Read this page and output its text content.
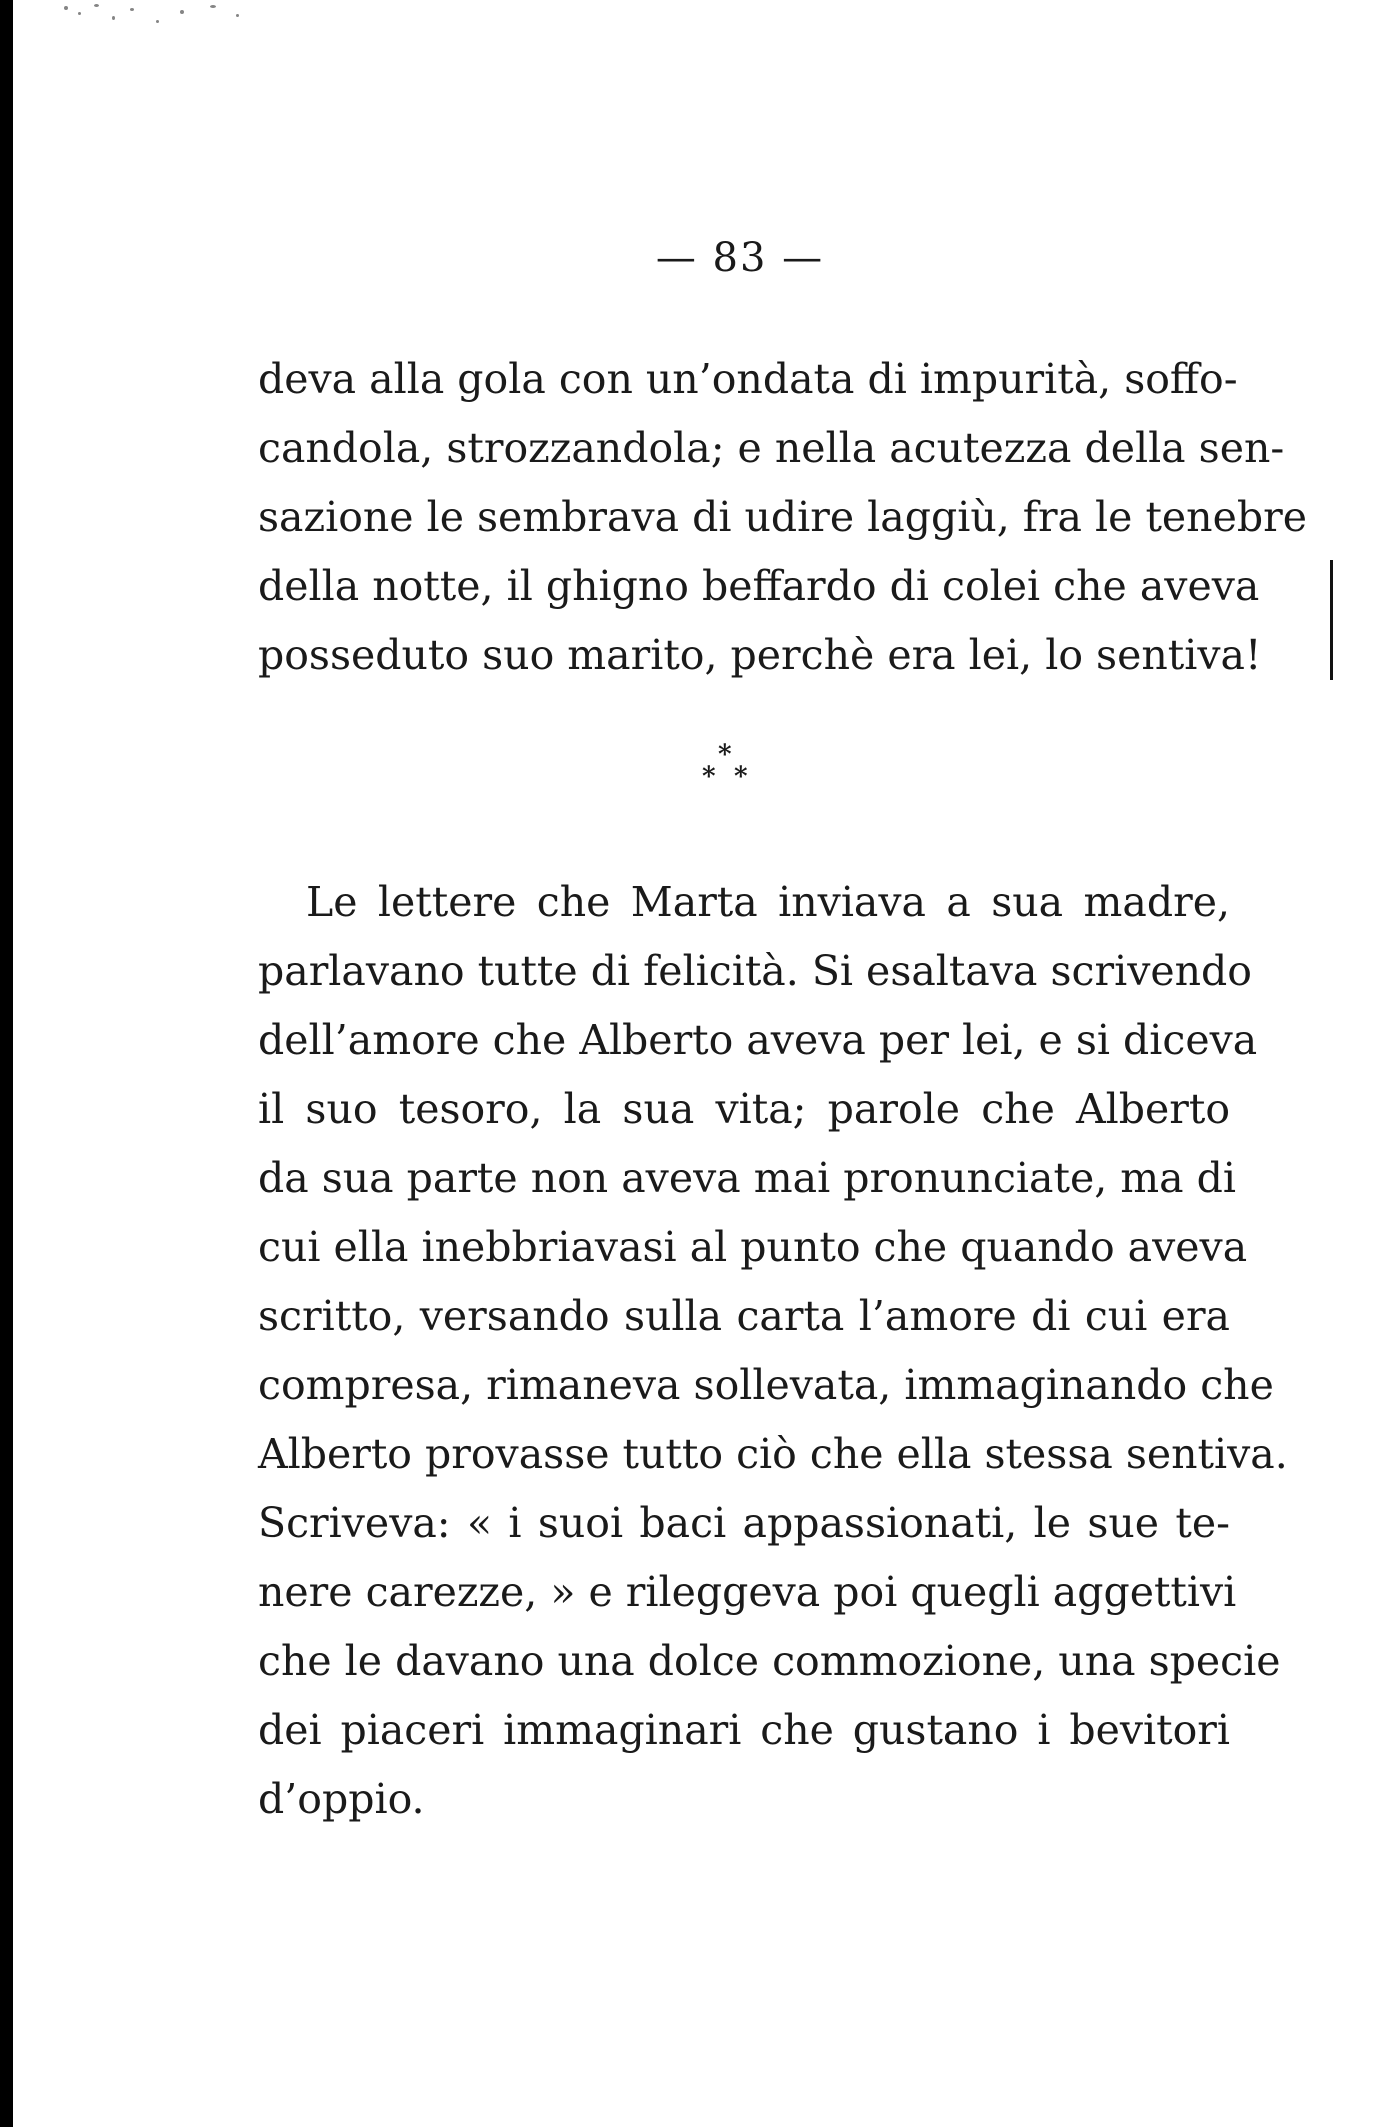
— 83 —
deva alla gola con un’ondata di impurità, soffo-
candola, strozzandola; e nella acutezza della sen-
sazione le sembrava di udire laggiù, fra le tenebre
della notte, il ghigno beffardo di colei che aveva
posseduto suo marito, perchè era lei, lo sentiva!
*
* *
Le lettere che Marta inviava a sua madre,
parlavano tutte di felicità. Si esaltava scrivendo
dell’amore che Alberto aveva per lei, e si diceva
il suo tesoro, la sua vita; parole che Alberto
da sua parte non aveva mai pronunciate, ma di
cui ella inebbriavasi al punto che quando aveva
scritto, versando sulla carta l’amore di cui era
compresa, rimaneva sollevata, immaginando che
Alberto provasse tutto ciò che ella stessa sentiva.
Scriveva: « i suoi baci appassionati, le sue te-
nere carezze, » e rileggeva poi quegli aggettivi
che le davano una dolce commozione, una specie
dei piaceri immaginari che gustano i bevitori
d’oppio.
